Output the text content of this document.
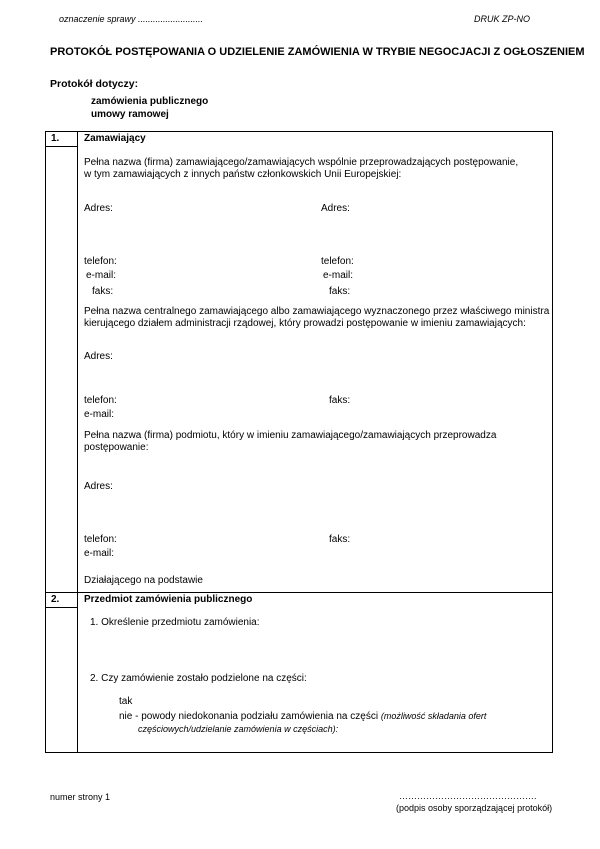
oznaczenie sprawy ..........................	DRUK ZP-NO
PROTOKÓŁ POSTĘPOWANIA O UDZIELENIE ZAMÓWIENIA W TRYBIE NEGOCJACJI Z OGŁOSZENIEM
Protokół dotyczy:
zamówienia publicznego
umowy ramowej
1. Zamawiający
Pełna nazwa (firma) zamawiającego/zamawiających wspólnie przeprowadzających postępowanie,
w tym zamawiających z innych państw członkowskich Unii Europejskiej:
Adres:	Adres:
telefon:	telefon:
e-mail:	e-mail:
faks:	faks:
Pełna nazwa centralnego zamawiającego albo zamawiającego wyznaczonego przez właściwego ministra
kierującego działem administracji rządowej, który prowadzi postępowanie w imieniu zamawiających:
Adres:
telefon:	faks:
e-mail:
Pełna nazwa (firma) podmiotu, który w imieniu zamawiającego/zamawiających przeprowadza
postępowanie:
Adres:
telefon:	faks:
e-mail:
Działającego na podstawie
2. Przedmiot zamówienia publicznego
1. Określenie przedmiotu zamówienia:
2. Czy zamówienie zostało podzielone na części:
tak
nie - powody niedokonania podziału zamówienia na części (możliwość składania ofert
częściowych/udzielanie zamówienia w częściach):
numer strony 1	……………………………………….
(podpis osoby sporządzającej protokół)
